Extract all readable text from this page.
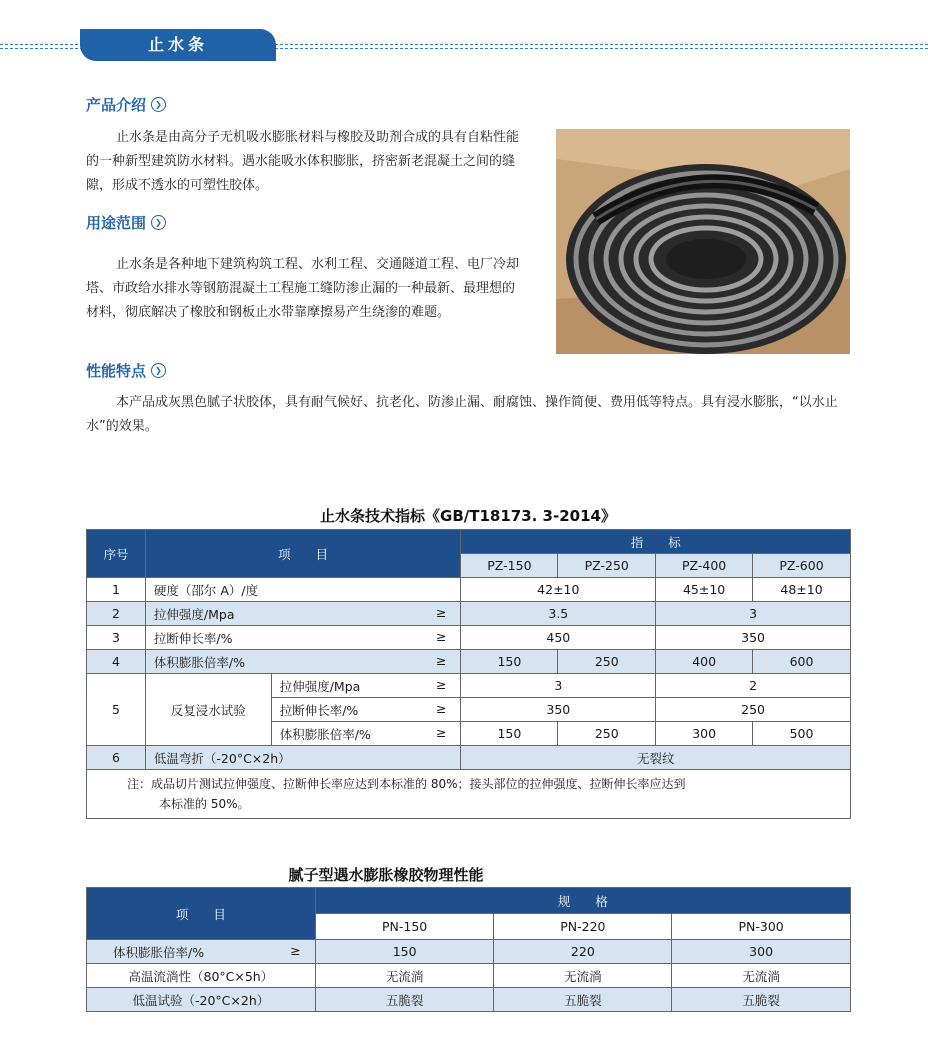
止水条
产品介绍	❯
止水条是由高分子无机吸水膨胀材料与橡胶及助剂合成的具有自粘性能的一种新型建筑防水材料。遇水能吸水体积膨胀，挤密新老混凝土之间的缝隙，形成不透水的可塑性胶体。
用途范围	❯
止水条是各种地下建筑构筑工程、水利工程、交通隧道工程、电厂冷却塔、市政给水排水等钢筋混凝土工程施工缝防渗止漏的一种最新、最理想的材料，彻底解决了橡胶和钢板止水带靠摩擦易产生绕渗的难题。
性能特点	❯
本产品成灰黑色腻子状胶体，具有耐气候好、抗老化、防渗止漏、耐腐蚀、操作简便、费用低等特点。具有浸水膨胀，“以水止水”的效果。
止水条技术指标《GB/T18173. 3-2014》
序号	项　　目		指　　标			
			PZ-150	PZ-250	PZ-400	PZ-600
1	硬度（邵尔 A）/度		42±10		45±10	48±10
2	拉伸强度/Mpa ≥		3.5		3	
3	拉断伸长率/% ≥		450		350	
4	体积膨胀倍率/% ≥		150	250	400	600
5	反复浸水试验	拉伸强度/Mpa ≥	3		2	
		拉断伸长率/% ≥	350		250	
		体积膨胀倍率/% ≥	150	250	300	500
6	低温弯折（-20°C×2h）		无裂纹			

注：成品切片测试拉伸强度、拉断伸长率应达到本标准的 80%；接头部位的拉伸强度、拉断伸长率应达到
本标准的 50%。						
腻子型遇水膨胀橡胶物理性能
项　　目	规　　格		
	PN-150	PN-220	PN-300
体积膨胀倍率/% ≥	150	220	300
高温流淌性（80°C×5h）	无流淌	无流淌	无流淌
低温试验（-20°C×2h）	五脆裂	五脆裂	五脆裂
